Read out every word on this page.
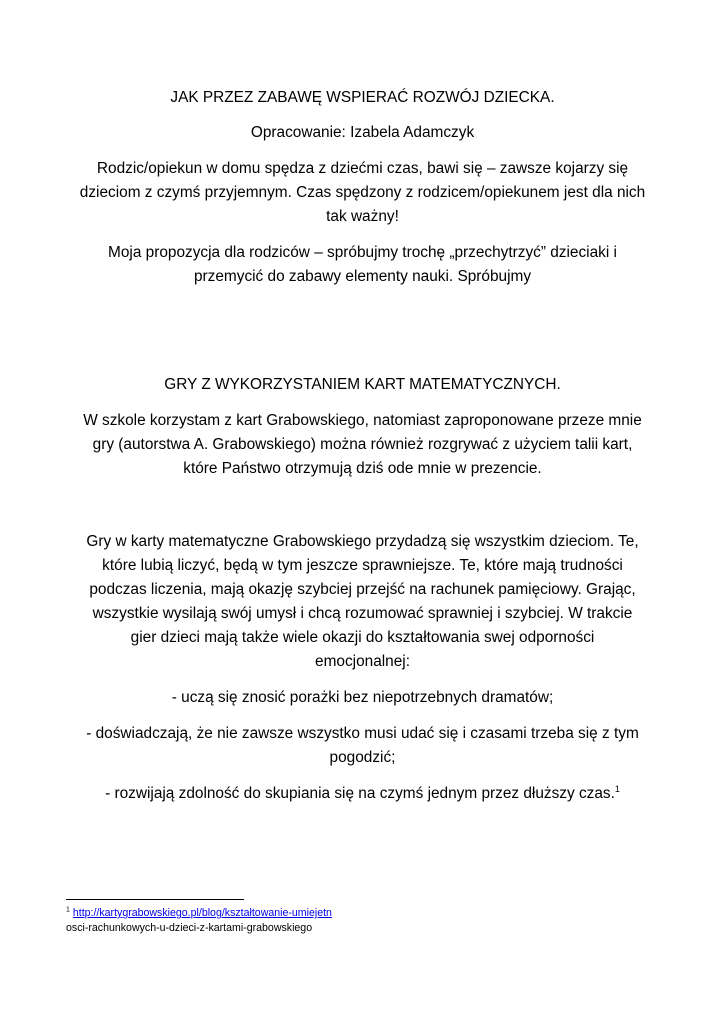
JAK PRZEZ ZABAWĘ WSPIERAĆ ROZWÓJ DZIECKA.
Opracowanie: Izabela Adamczyk
Rodzic/opiekun w domu spędza z dziećmi czas, bawi się – zawsze kojarzy się
dzieciom z czymś przyjemnym. Czas spędzony z rodzicem/opiekunem jest dla nich
tak ważny!
Moja propozycja dla rodziców – spróbujmy trochę „przechytrzyć” dzieciaki i
przemycić do zabawy elementy nauki. Spróbujmy
GRY Z WYKORZYSTANIEM KART MATEMATYCZNYCH.
W szkole korzystam z kart Grabowskiego, natomiast zaproponowane przeze mnie
gry (autorstwa A. Grabowskiego) można również rozgrywać z użyciem talii kart,
które Państwo otrzymują dziś ode mnie w prezencie.
Gry w karty matematyczne Grabowskiego przydadzą się wszystkim dzieciom. Te,
które lubią liczyć, będą w tym jeszcze sprawniejsze. Te, które mają trudności
podczas liczenia, mają okazję szybciej przejść na rachunek pamięciowy. Grając,
wszystkie wysilają swój umysł i chcą rozumować sprawniej i szybciej. W trakcie
gier dzieci mają także wiele okazji do kształtowania swej odporności
emocjonalnej:
- uczą się znosić porażki bez niepotrzebnych dramatów;
- doświadczają, że nie zawsze wszystko musi udać się i czasami trzeba się z tym
pogodzić;
- rozwijają zdolność do skupiania się na czymś jednym przez dłuższy czas.$^1$
$^1$ http://kartygrabowskiego.pl/blog/kształtowanie-umiejetn
osci-rachunkowych-u-dzieci-z-kartami-grabowskiego
